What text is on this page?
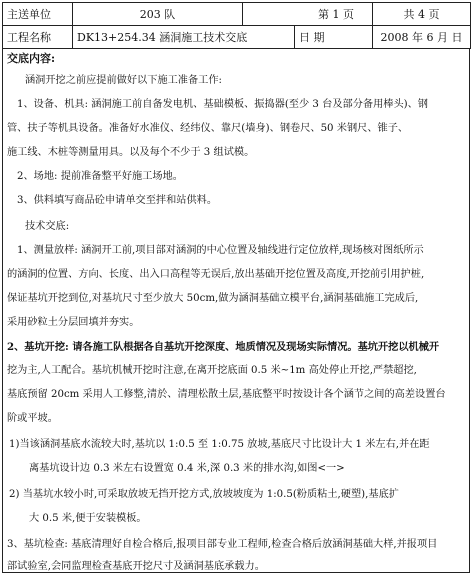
主送单位	203 队	第 1 页		共 4 页
工程名称	DK13+254.34 涵洞施工技术交底		日 期	2008 年 6 月 日
交底内容:
涵洞开挖之前应提前做好以下施工准备工作:
1、设备、机具: 涵洞施工前自备发电机、基础模板、振捣器(至少 3 台及部分备用棒头)、钢
管、扶子等机具设备。准备好水准仪、经纬仪、靠尺(墙身)、钢卷尺、50 米钢尺、锥子、
施工线、木桩等测量用具。以及每个不少于 3 组试模。
2、场地: 提前准备整平好施工场地。
3、供料填写商品砼申请单交至拌和站供料。
技术交底:
1、测量放样: 涵洞开工前,项目部对涵洞的中心位置及轴线进行定位放样,现场核对图纸所示
的涵洞的位置、方向、长度、出入口高程等无误后,放出基础开挖位置及高度,开挖前引用护桩,
保证基坑开挖到位,对基坑尺寸至少放大 50cm,做为涵洞基础立模平台,涵洞基础施工完成后,
采用砂粒土分层回填并夯实。
2、基坑开挖: 请各施工队根据各自基坑开挖深度、地质情况及现场实际情况。基坑开挖以机械开
挖为主,人工配合。基坑机械开挖时注意,在离开挖底面 0.5 米~1m 高处停止开挖,严禁超挖,
基底预留 20cm 采用人工修整,清於、清理松散土层,基底整平时按设计各个涵节之间的高差设置台
阶或平坡。
1)当该涵洞基底水流较大时,基坑以 1:0.5 至 1:0.75 放坡,基底尺寸比设计大 1 米左右,并在距
离基坑设计边 0.3 米左右设置宽 0.4 米,深 0.3 米的排水沟,如图<一>
2) 当基坑水较小时,可采取放坡无挡开挖方式,放坡坡度为 1:0.5(粉质粘土,硬塑),基底扩
大 0.5 米,便于安装模板。
3、基坑检查: 基底清理好自检合格后,报项目部专业工程师,检查合格后放涵洞基础大样,并报项目
部试验室,会同监理检查基底开挖尺寸及涵洞基底承载力。
